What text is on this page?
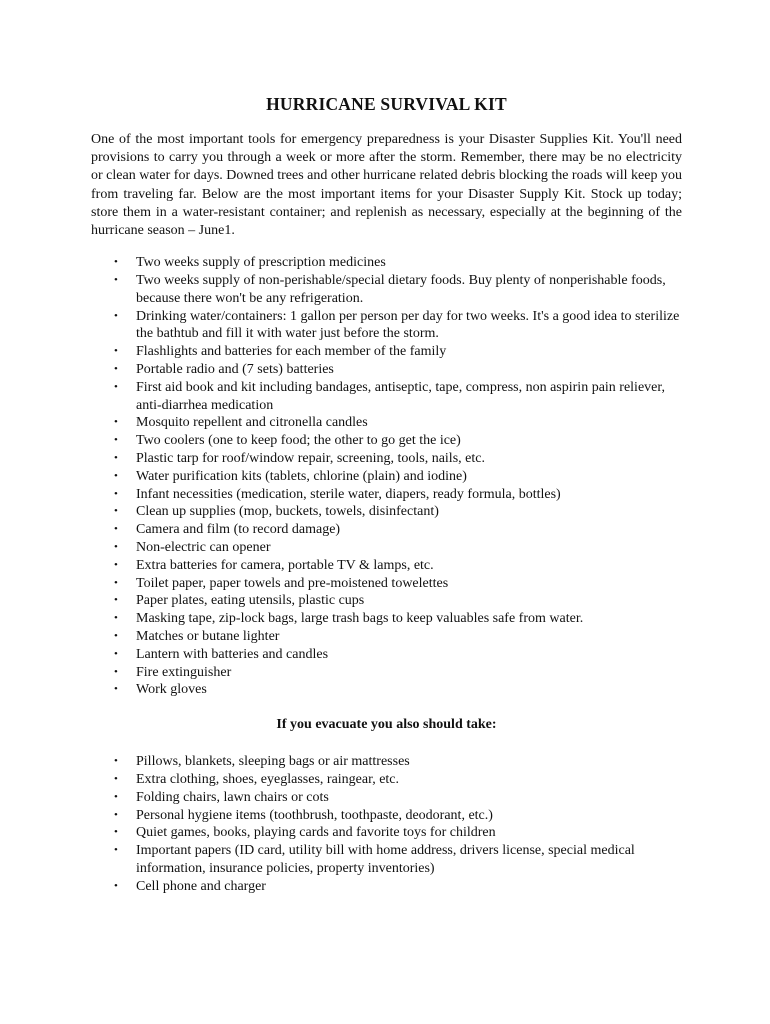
HURRICANE SURVIVAL KIT

One of the most important tools for emergency preparedness is your Disaster Supplies Kit. You'll need provisions to carry you through a week or more after the storm. Remember, there may be no electricity or clean water for days. Downed trees and other hurricane related debris blocking the roads will keep you from traveling far. Below are the most important items for your Disaster Supply Kit. Stock up today; store them in a water-resistant container; and replenish as necessary, especially at the beginning of the hurricane season – June1.

• Two weeks supply of prescription medicines
• Two weeks supply of non-perishable/special dietary foods. Buy plenty of nonperishable foods, because there won't be any refrigeration.
• Drinking water/containers: 1 gallon per person per day for two weeks. It's a good idea to sterilize the bathtub and fill it with water just before the storm.
• Flashlights and batteries for each member of the family
• Portable radio and (7 sets) batteries
• First aid book and kit including bandages, antiseptic, tape, compress, non aspirin pain reliever, anti-diarrhea medication
• Mosquito repellent and citronella candles
• Two coolers (one to keep food; the other to go get the ice)
• Plastic tarp for roof/window repair, screening, tools, nails, etc.
• Water purification kits (tablets, chlorine (plain) and iodine)
• Infant necessities (medication, sterile water, diapers, ready formula, bottles)
• Clean up supplies (mop, buckets, towels, disinfectant)
• Camera and film (to record damage)
• Non-electric can opener
• Extra batteries for camera, portable TV & lamps, etc.
• Toilet paper, paper towels and pre-moistened towelettes
• Paper plates, eating utensils, plastic cups
• Masking tape, zip-lock bags, large trash bags to keep valuables safe from water.
• Matches or butane lighter
• Lantern with batteries and candles
• Fire extinguisher
• Work gloves
If you evacuate you also should take:
• Pillows, blankets, sleeping bags or air mattresses
• Extra clothing, shoes, eyeglasses, raingear, etc.
• Folding chairs, lawn chairs or cots
• Personal hygiene items (toothbrush, toothpaste, deodorant, etc.)
• Quiet games, books, playing cards and favorite toys for children
• Important papers (ID card, utility bill with home address, drivers license, special medical information, insurance policies, property inventories)
• Cell phone and charger
